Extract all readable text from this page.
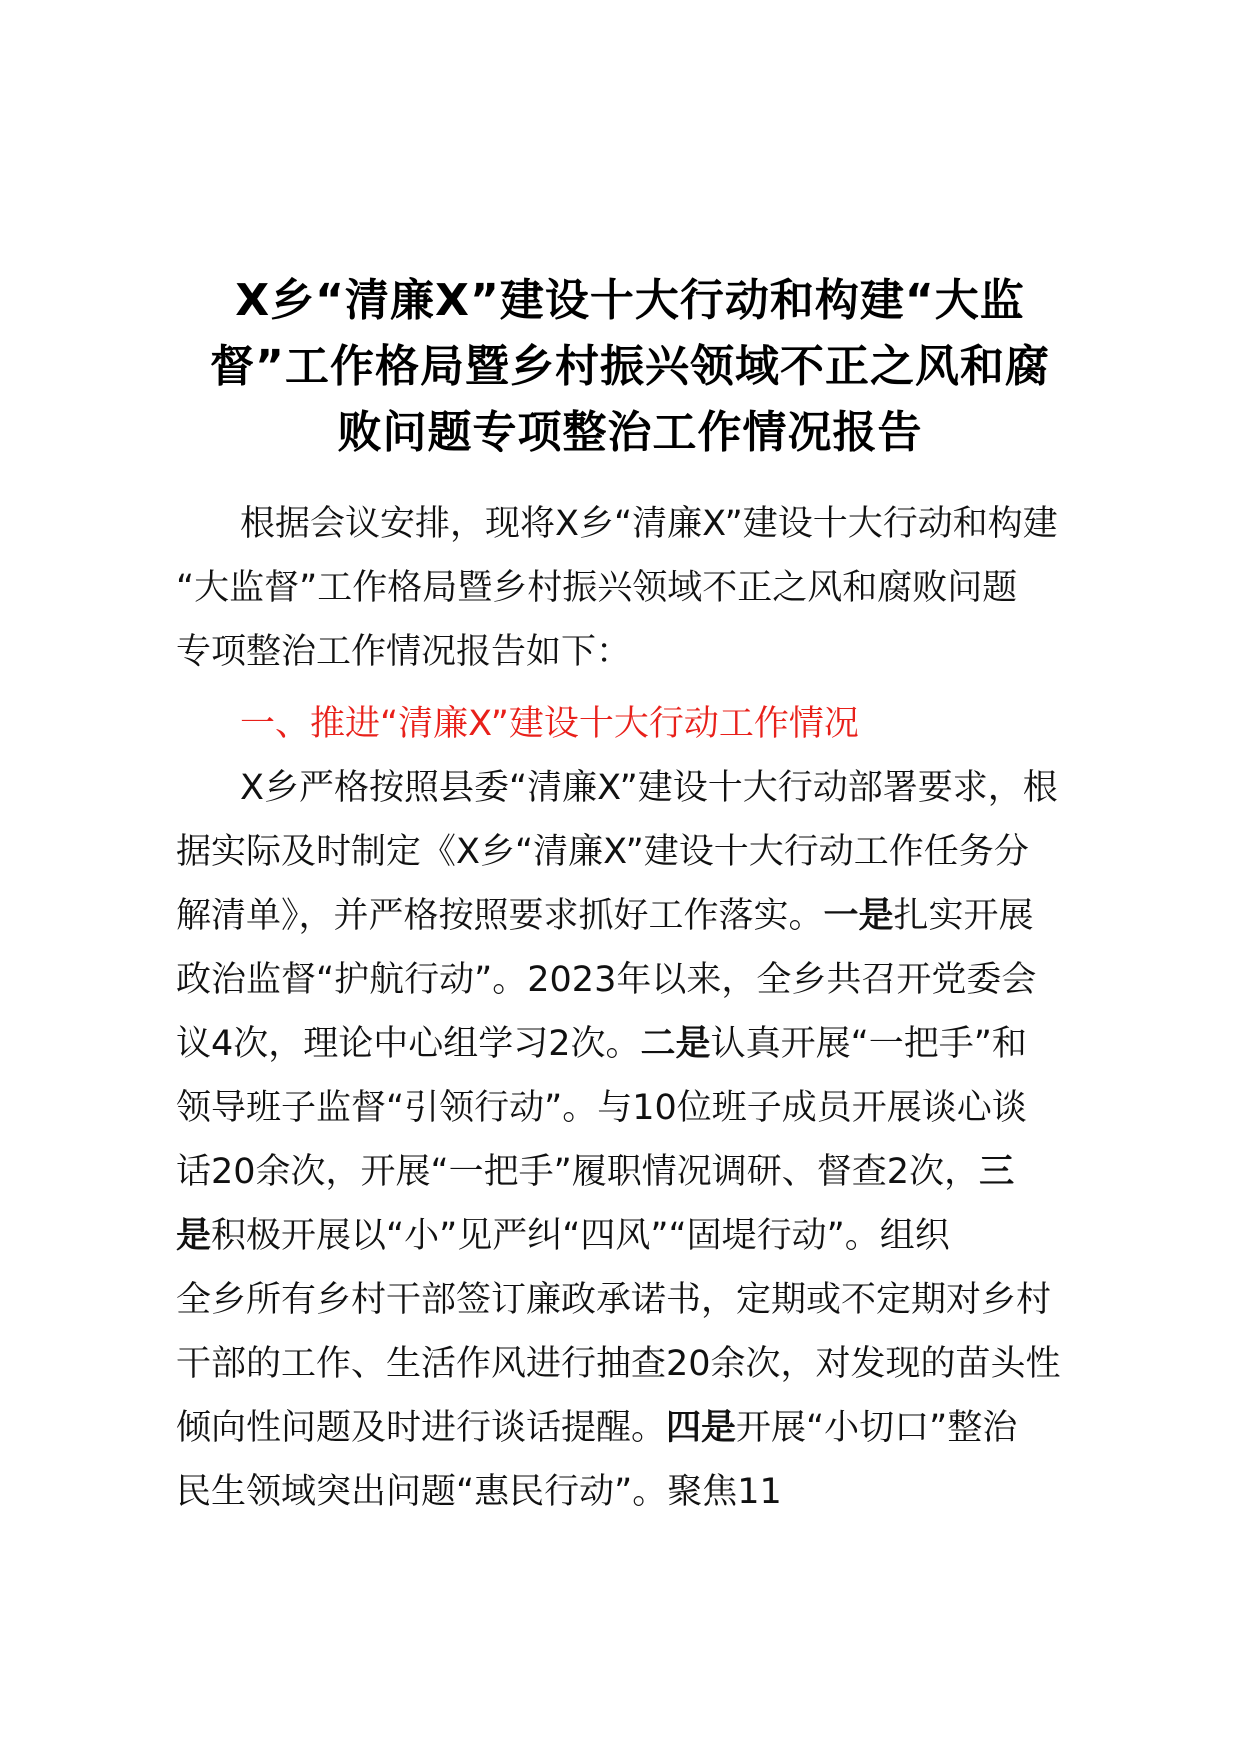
X乡“清廉X”建设十大行动和构建“大监
督”工作格局暨乡村振兴领域不正之风和腐
败问题专项整治工作情况报告
根据会议安排，现将X乡“清廉X”建设十大行动和构建
“大监督”工作格局暨乡村振兴领域不正之风和腐败问题
专项整治工作情况报告如下：
一、推进“清廉X”建设十大行动工作情况
X乡严格按照县委“清廉X”建设十大行动部署要求，根
据实际及时制定《X乡“清廉X”建设十大行动工作任务分
解清单》，并严格按照要求抓好工作落实。一是扎实开展
政治监督“护航行动”。2023年以来，全乡共召开党委会
议4次，理论中心组学习2次。二是认真开展“一把手”和
领导班子监督“引领行动”。与10位班子成员开展谈心谈
话20余次，开展“一把手”履职情况调研、督查2次，三
是积极开展以“小”见严纠“四风”“固堤行动”。组织
全乡所有乡村干部签订廉政承诺书，定期或不定期对乡村
干部的工作、生活作风进行抽查20余次，对发现的苗头性
倾向性问题及时进行谈话提醒。四是开展“小切口”整治
民生领域突出问题“惠民行动”。聚焦11
